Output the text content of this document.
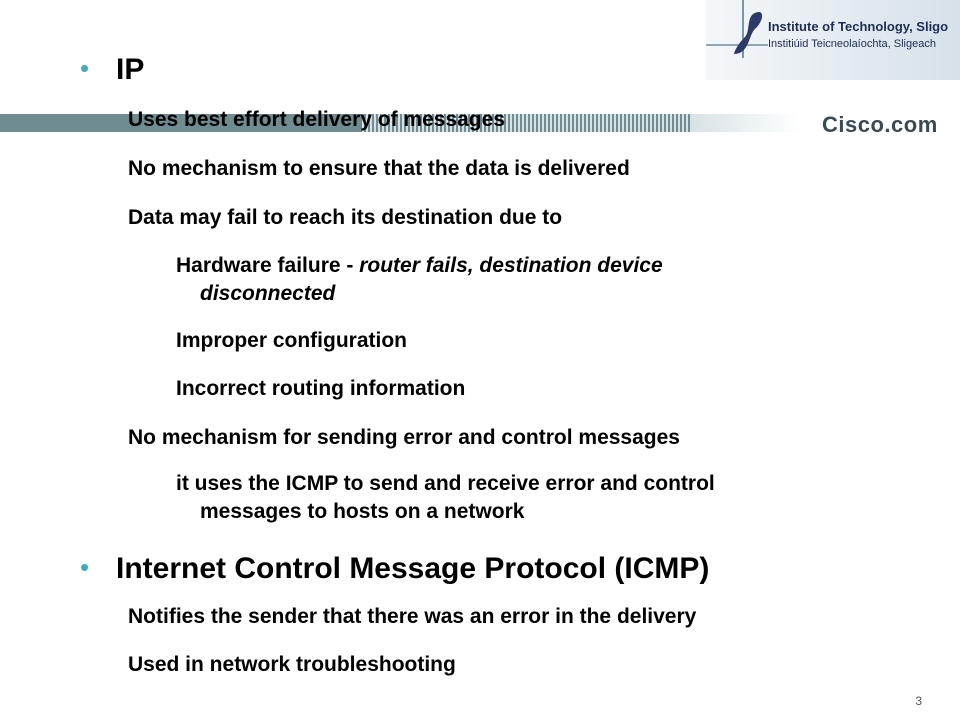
Institute of Technology, Sligo
Institiúid Teicneolaíochta, Sligeach
Cisco.com
• IP
Uses best effort delivery of messages
No mechanism to ensure that the data is delivered
Data may fail to reach its destination due to
Hardware failure - router fails, destination device
disconnected
Improper configuration
Incorrect routing information
No mechanism for sending error and control messages
it uses the ICMP to send and receive error and control
messages to hosts on a network
• Internet Control Message Protocol (ICMP)
Notifies the sender that there was an error in the delivery
Used in network troubleshooting
3
